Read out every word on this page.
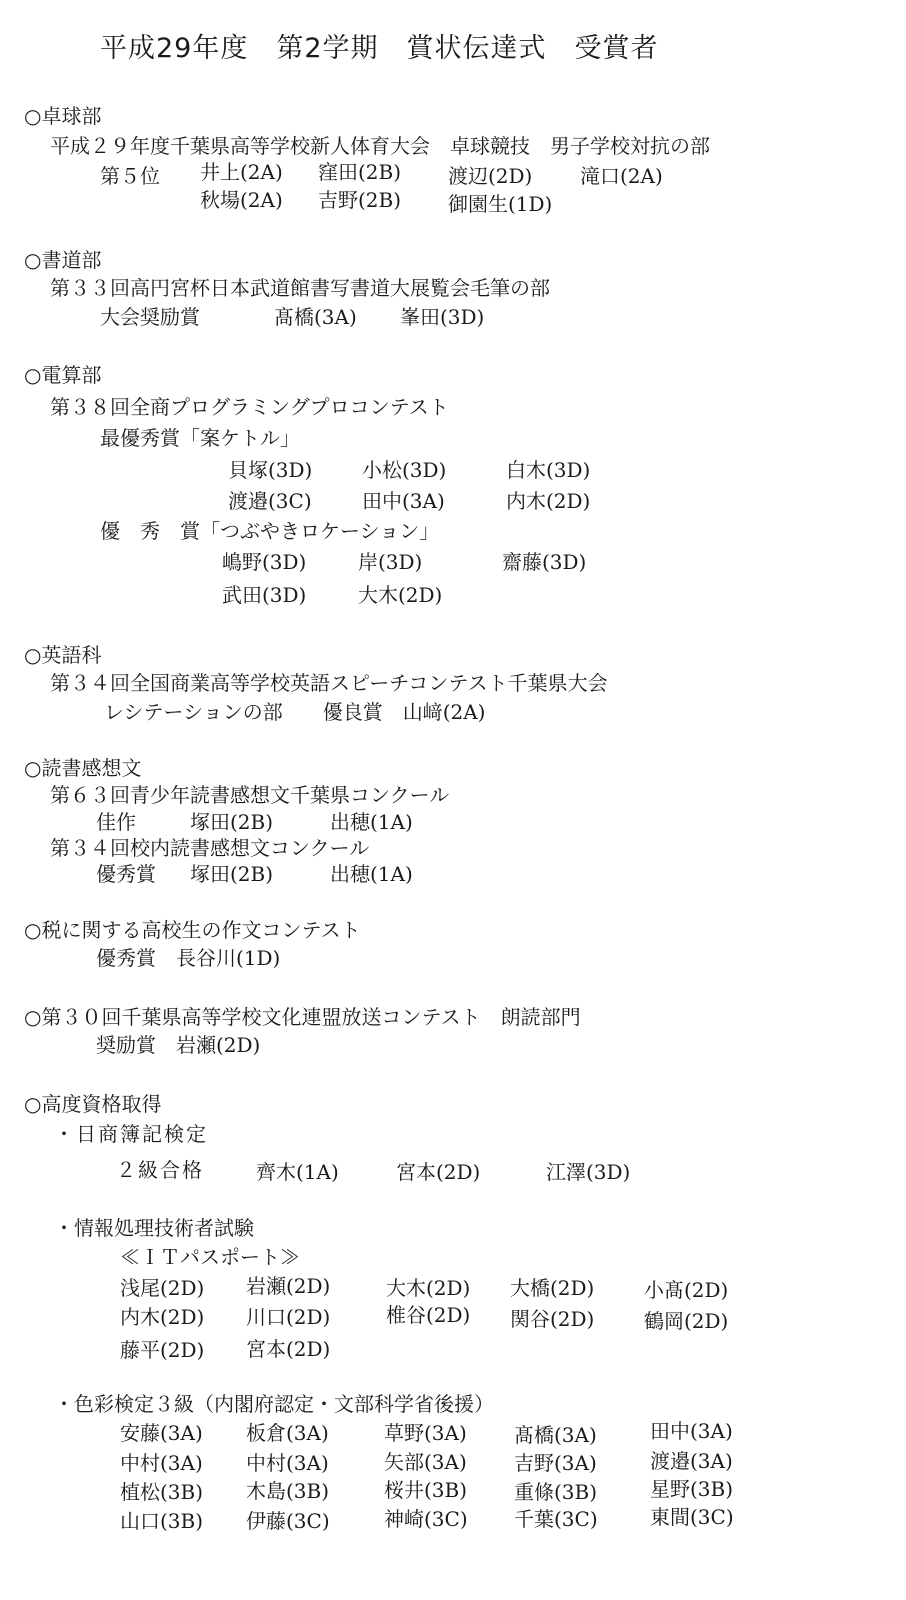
平成29年度　第2学期　賞状伝達式　受賞者
○卓球部
平成２９年度千葉県高等学校新人体育大会　卓球競技　男子学校対抗の部
第５位 井上(2A) 窪田(2B) 渡辺(2D) 滝口(2A)
秋場(2A) 吉野(2B) 御園生(1D)
○書道部
第３３回高円宮杯日本武道館書写書道大展覧会毛筆の部
大会奨励賞	髙橋(3A) 峯田(3D)
○電算部
第３８回全商プログラミングプロコンテスト
最優秀賞「案ケトル」
貝塚(3D) 小松(3D)	白木(3D)
渡邉(3C)	田中(3A)	内木(2D)
優　秀　賞「つぶやきロケーション」
嶋野(3D)	岸(3D)	齋藤(3D)
武田(3D)	大木(2D)
○英語科
第３４回全国商業高等学校英語スピーチコンテスト千葉県大会
レシテーションの部　　優良賞　山﨑(2A)
○読書感想文
第６３回青少年読書感想文千葉県コンクール
佳作	塚田(2B)	出穂(1A)
第３４回校内読書感想文コンクール
優秀賞 塚田(2B)	出穂(1A)
○税に関する高校生の作文コンテスト
優秀賞　長谷川(1D)
○第３０回千葉県高等学校文化連盟放送コンテスト　朗読部門
奨励賞　岩瀬(2D)
○高度資格取得
・日商簿記検定
２級合格	齊木(1A)	宮本(2D)	江澤(3D)
・情報処理技術者試験
≪ＩＴパスポート≫
浅尾(2D) 岩瀬(2D)	大木(2D) 大橋(2D) 小髙(2D)
内木(2D) 川口(2D)	椎谷(2D) 関谷(2D) 鶴岡(2D)
藤平(2D) 宮本(2D)
・色彩検定３級（内閣府認定・文部科学省後援）
安藤(3A) 板倉(3A)	草野(3A) 髙橋(3A)	田中(3A)
中村(3A) 中村(3A)	矢部(3A) 吉野(3A)	渡邉(3A)
植松(3B) 木島(3B)	桜井(3B) 重條(3B)	星野(3B)
山口(3B) 伊藤(3C)	神崎(3C) 千葉(3C)	東間(3C)
